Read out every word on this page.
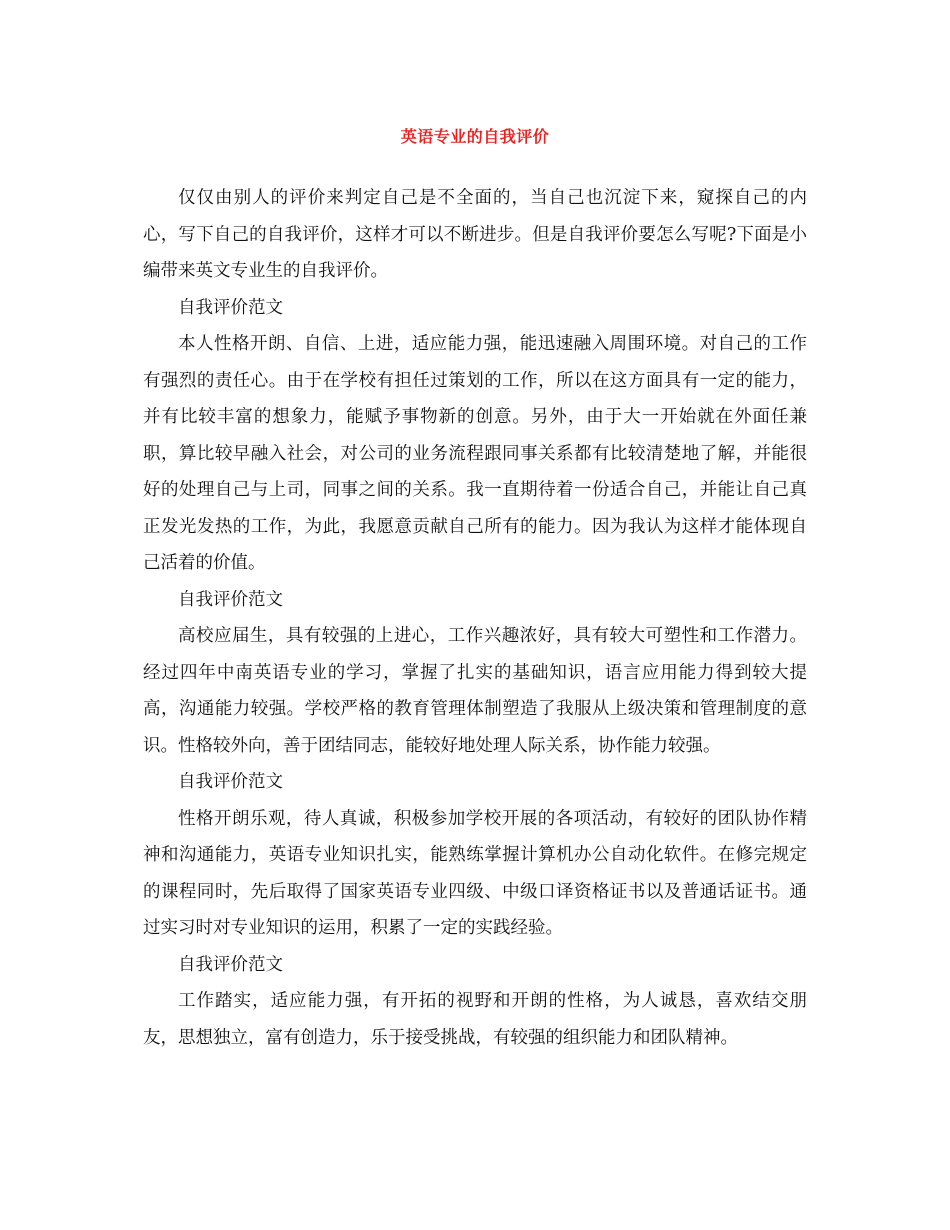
英语专业的自我评价

仅仅由别人的评价来判定自己是不全面的，当自己也沉淀下来，窥探自己的内心，写下自己的自我评价，这样才可以不断进步。但是自我评价要怎么写呢?下面是小编带来英文专业生的自我评价。

自我评价范文

本人性格开朗、自信、上进，适应能力强，能迅速融入周围环境。对自己的工作有强烈的责任心。由于在学校有担任过策划的工作，所以在这方面具有一定的能力，并有比较丰富的想象力，能赋予事物新的创意。另外，由于大一开始就在外面任兼职，算比较早融入社会，对公司的业务流程跟同事关系都有比较清楚地了解，并能很好的处理自己与上司，同事之间的关系。我一直期待着一份适合自己，并能让自己真正发光发热的工作，为此，我愿意贡献自己所有的能力。因为我认为这样才能体现自己活着的价值。

自我评价范文

高校应届生，具有较强的上进心，工作兴趣浓好，具有较大可塑性和工作潜力。经过四年中南英语专业的学习，掌握了扎实的基础知识，语言应用能力得到较大提高，沟通能力较强。学校严格的教育管理体制塑造了我服从上级决策和管理制度的意识。性格较外向，善于团结同志，能较好地处理人际关系，协作能力较强。

自我评价范文

性格开朗乐观，待人真诚，积极参加学校开展的各项活动，有较好的团队协作精神和沟通能力，英语专业知识扎实，能熟练掌握计算机办公自动化软件。在修完规定的课程同时，先后取得了国家英语专业四级、中级口译资格证书以及普通话证书。通过实习时对专业知识的运用，积累了一定的实践经验。

自我评价范文

工作踏实，适应能力强，有开拓的视野和开朗的性格，为人诚恳，喜欢结交朋友，思想独立，富有创造力，乐于接受挑战，有较强的组织能力和团队精神。
